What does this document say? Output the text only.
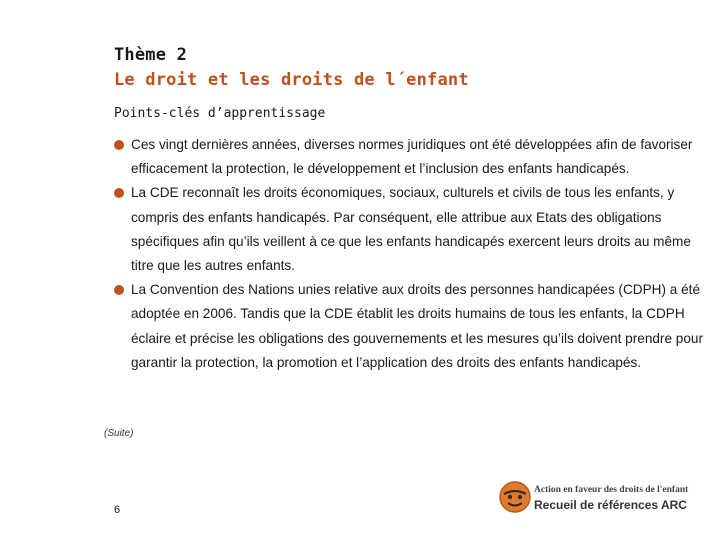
Thème 2
Le droit et les droits de l´enfant
Points-clés d’apprentissage
Ces vingt dernières années, diverses normes juridiques ont été développées afin de favoriser efficacement la protection, le développement et l’inclusion des enfants handicapés.
La CDE reconnaît les droits économiques, sociaux, culturels et civils de tous les enfants, y compris des enfants handicapés. Par conséquent, elle attribue aux Etats des obligations spécifiques afin qu’ils veillent à ce que les enfants handicapés exercent leurs droits au même titre que les autres enfants.
La Convention des Nations unies relative aux droits des personnes handicapées (CDPH) a été adoptée en 2006. Tandis que la CDE établit les droits humains de tous les enfants, la CDPH éclaire et précise les obligations des gouvernements et les mesures qu’ils doivent prendre pour garantir la protection, la promotion et l’application des droits des enfants handicapés.
(Suite)
6
Action en faveur des droits de l'enfant
Recueil de références ARC
